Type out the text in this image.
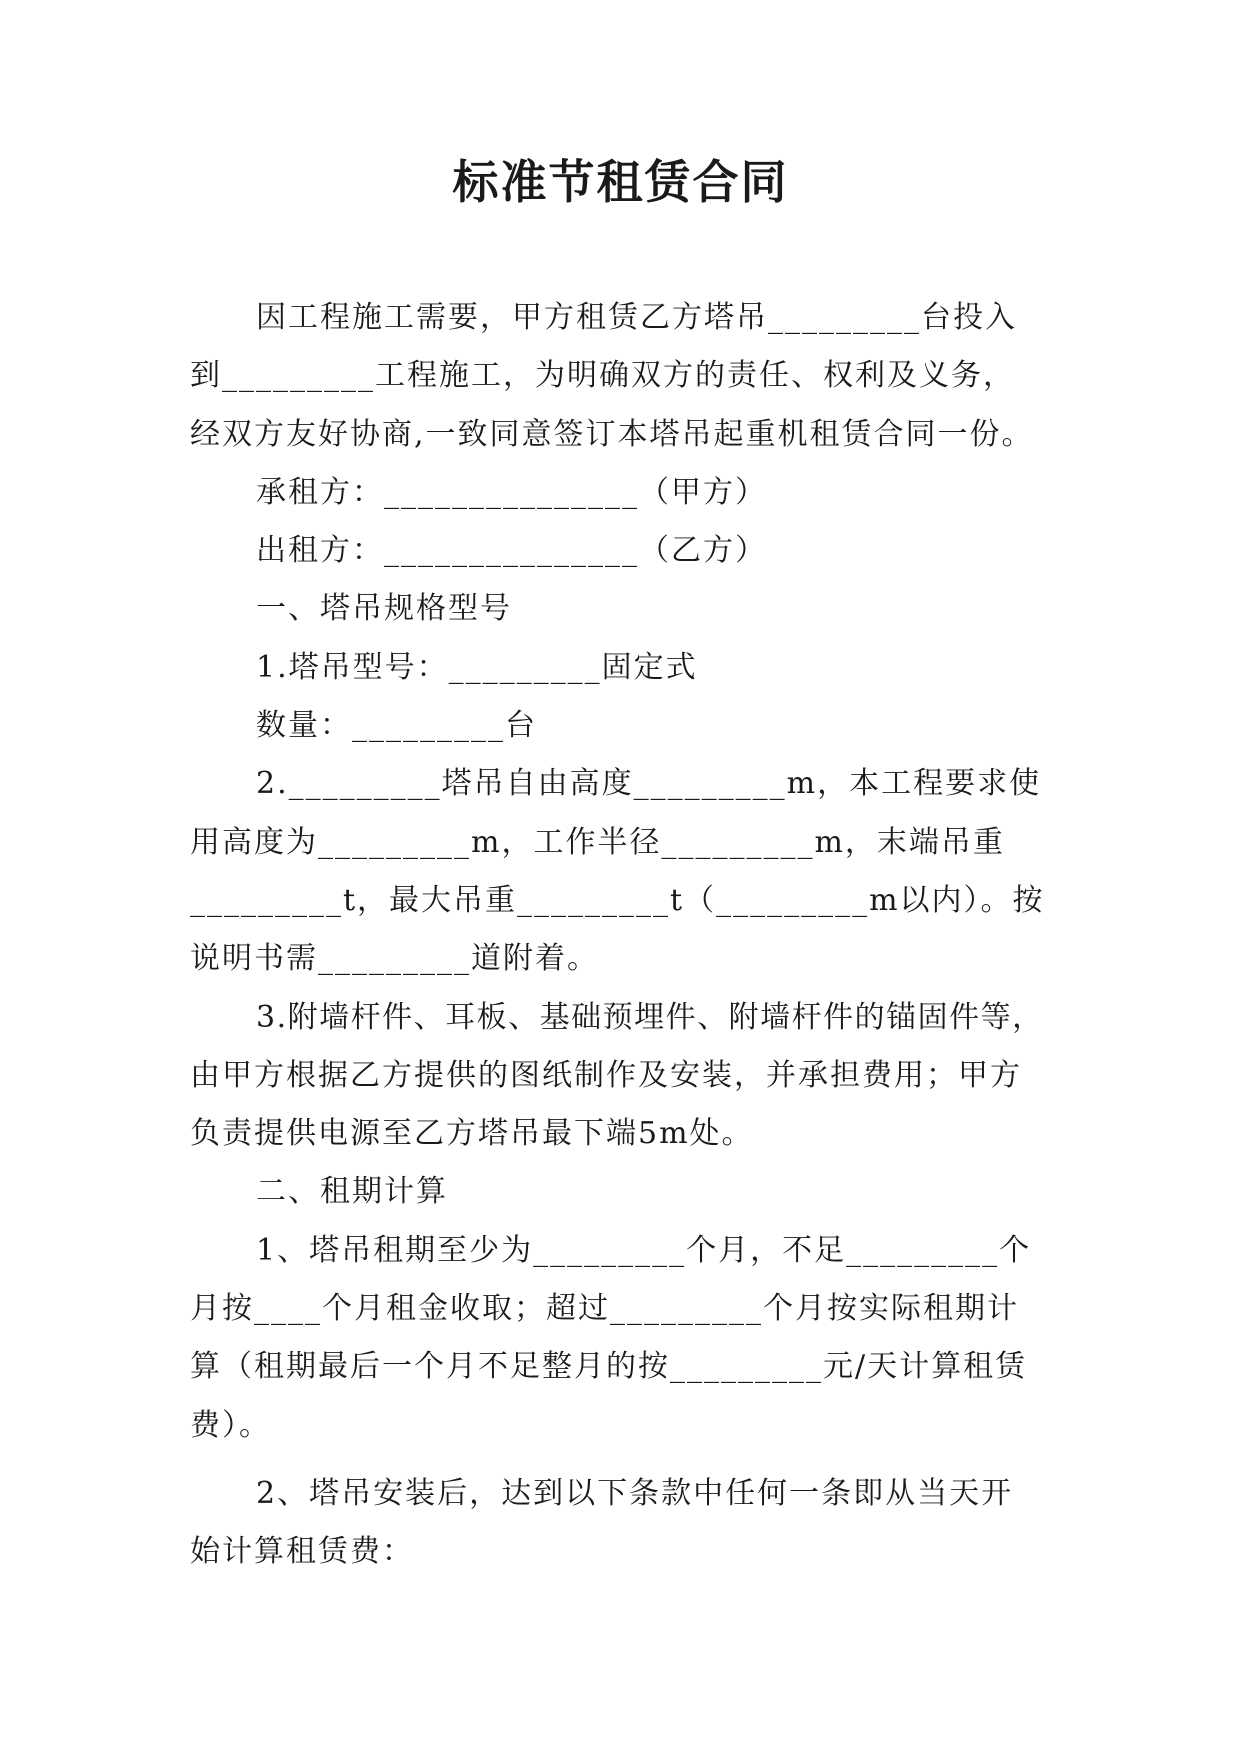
标准节租赁合同

因工程施工需要，甲方租赁乙方塔吊_________台投入

到_________工程施工，为明确双方的责任、权利及义务，

经双方友好协商,一致同意签订本塔吊起重机租赁合同一份。

承租方：_______________（甲方）

出租方：_______________（乙方）

一、塔吊规格型号

1.塔吊型号：_________固定式

数量：_________台

2._________塔吊自由高度_________m，本工程要求使

用高度为_________m，工作半径_________m，末端吊重

_________t，最大吊重_________t（_________m以内）。按

说明书需_________道附着。

3.附墙杆件、耳板、基础预埋件、附墙杆件的锚固件等，

由甲方根据乙方提供的图纸制作及安装，并承担费用；甲方

负责提供电源至乙方塔吊最下端5m处。

二、租期计算

1、塔吊租期至少为_________个月，不足_________个

月按____个月租金收取；超过_________个月按实际租期计

算（租期最后一个月不足整月的按_________元/天计算租赁

费）。

2、塔吊安装后，达到以下条款中任何一条即从当天开

始计算租赁费：
